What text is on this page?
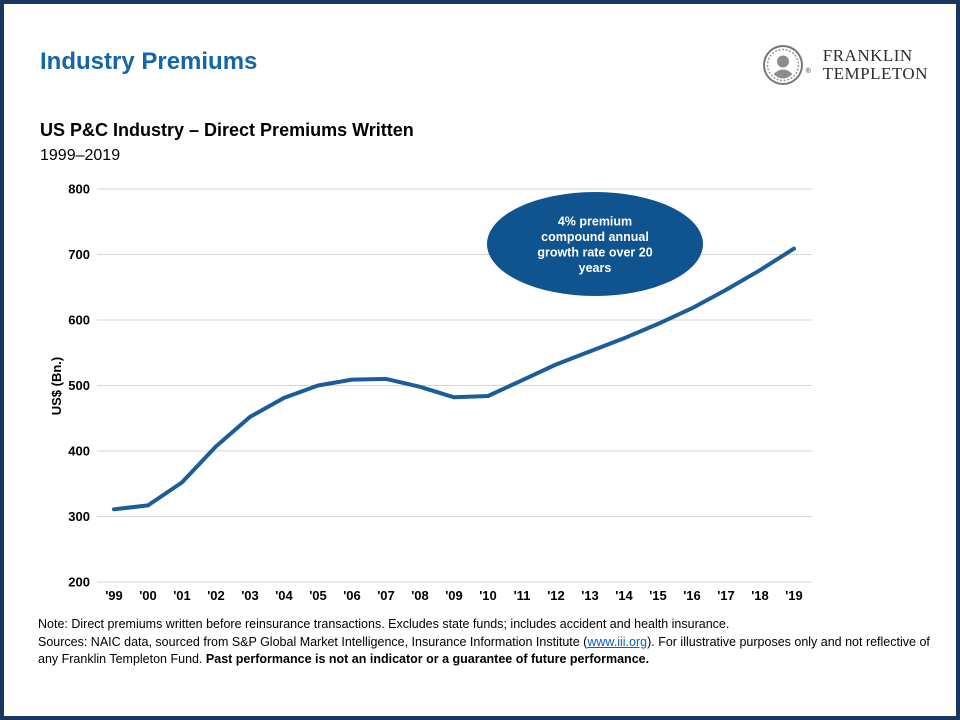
Industry Premiums	®
FRANKLIN
TEMPLETON
US P&C Industry – Direct Premiums Written
1999–2019
200
300
400
500
600
700
800
'99 '00 '01 '02 '03 '04 '05 '06 '07 '08 '09 '10 '11 '12 '13 '14 '15 '16 '17 '18 '19
US$ (Bn.)
4% premium
compound annual
growth rate over 20
years
Note: Direct premiums written before reinsurance transactions. Excludes state funds; includes accident and health insurance.
Sources: NAIC data, sourced from S&P Global Market Intelligence, Insurance Information Institute (www.iii.org). For illustrative purposes only and not reflective of any Franklin Templeton Fund. Past performance is not an indicator or a guarantee of future performance.
